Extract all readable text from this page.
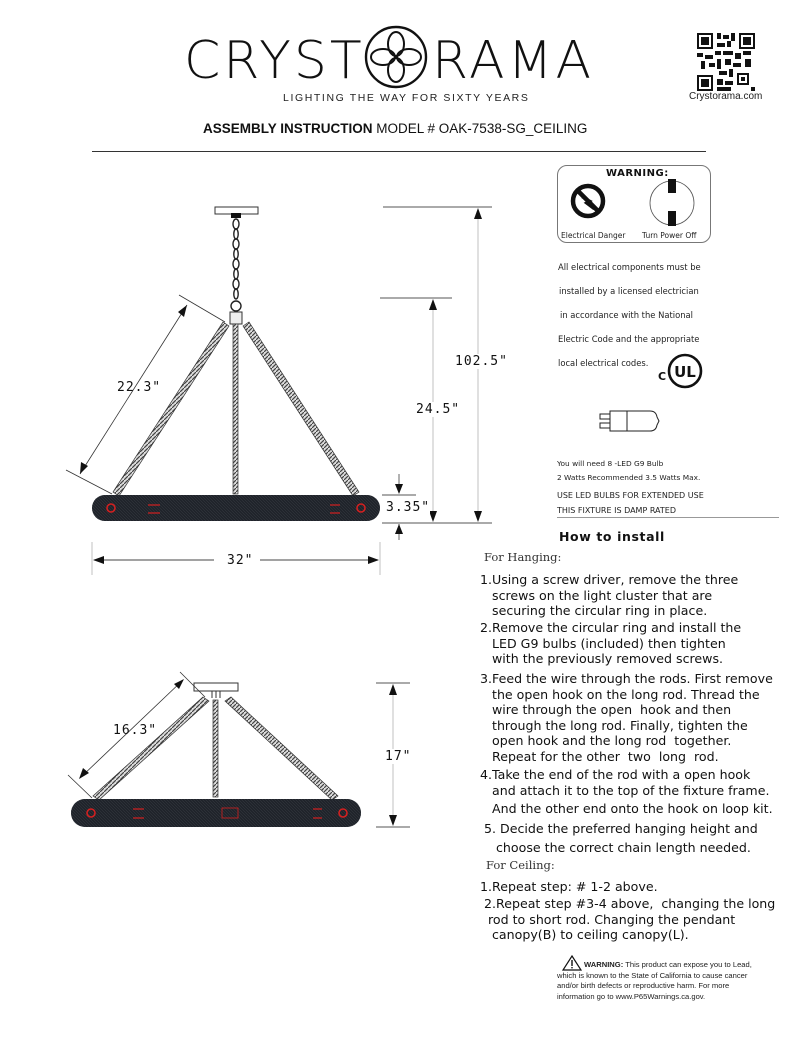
CRYST RAMA
LIGHTING THE WAY FOR SIXTY YEARS	Crystorama.com
ASSEMBLY INSTRUCTION MODEL # OAK-7538-SG_CEILING
WARNING:
Electrical Danger Turn Power Off
All electrical components must be
installed by a licensed electrician
in accordance with the National
Electric Code and the appropriate
local electrical codes.
C UL
You will need 8 -LED G9 Bulb
2 Watts Recommended 3.5 Watts Max.
USE LED BULBS FOR EXTENDED USE
THIS FIXTURE IS DAMP RATED
How to install
For Hanging:
1.Using a screw driver, remove the three
screws on the light cluster that are
securing the circular ring in place.
2.Remove the circular ring and install the
LED G9 bulbs (included) then tighten
with the previously removed screws.
3.Feed the wire through the rods. First remove
the open hook on the long rod. Thread the
wire through the open  hook and then
through the long rod. Finally, tighten the
open hook and the long rod  together.
Repeat for the other  two  long  rod.
4.Take the end of the rod with a open hook
and attach it to the top of the fixture frame.
And the other end onto the hook on loop kit.
5. Decide the preferred hanging height and
choose the correct chain length needed.
For Ceiling:
1.Repeat step: # 1-2 above.
2.Repeat step #3-4 above,  changing the long
rod to short rod. Changing the pendant
canopy(B) to ceiling canopy(L).
WARNING: This product can expose you to Lead,
which is known to the State of California to cause cancer
and/or birth defects or reproductive harm. For more
information go to www.P65Warnings.ca.gov.
22.3"
24.5"
102.5"
3.35"
32"
16.3"
17"
